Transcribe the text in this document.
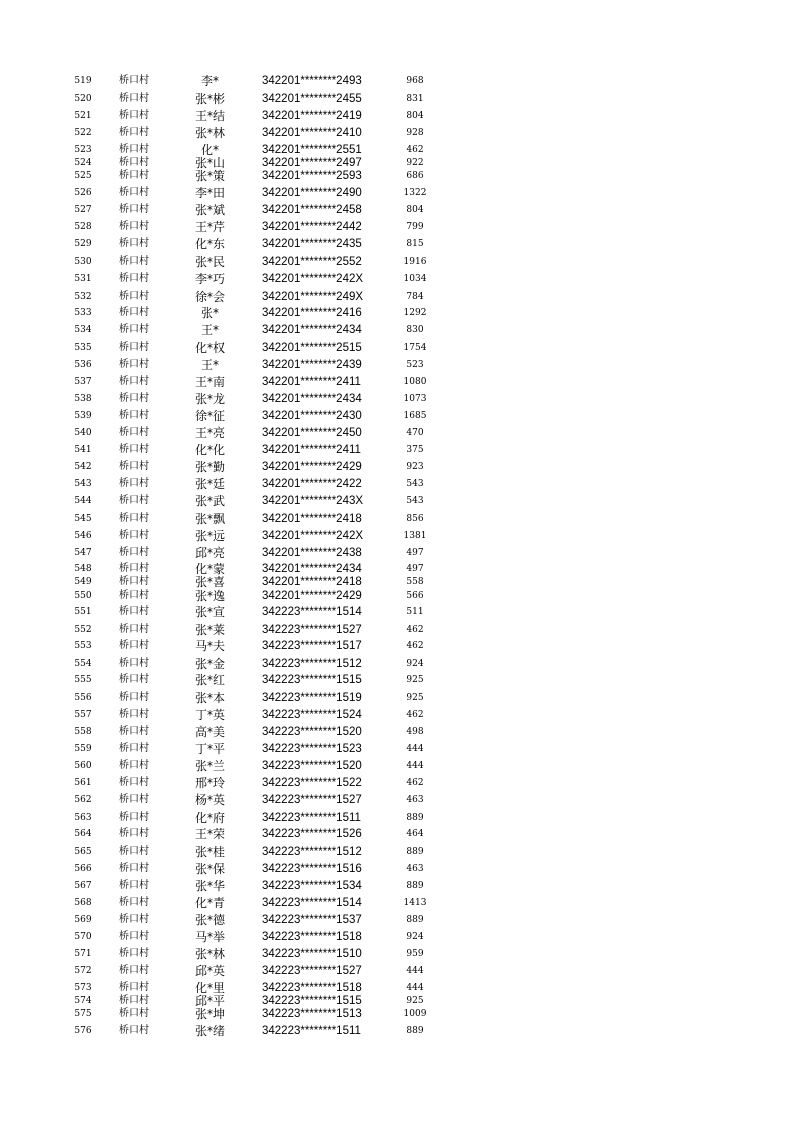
519	桥口村	李*	342201********2493	968
520	桥口村	张*彬	342201********2455	831
521	桥口村	王*结	342201********2419	804
522	桥口村	张*林	342201********2410	928
523	桥口村	化*	342201********2551	462
524	桥口村	张*山	342201********2497	922
525	桥口村	张*策	342201********2593	686
526	桥口村	李*田	342201********2490	1322
527	桥口村	张*斌	342201********2458	804
528	桥口村	王*芹	342201********2442	799
529	桥口村	化*东	342201********2435	815
530	桥口村	张*民	342201********2552	1916
531	桥口村	李*巧	342201********242X	1034
532	桥口村	徐*会	342201********249X	784
533	桥口村	张*	342201********2416	1292
534	桥口村	王*	342201********2434	830
535	桥口村	化*权	342201********2515	1754
536	桥口村	王*	342201********2439	523
537	桥口村	王*南	342201********2411	1080
538	桥口村	张*龙	342201********2434	1073
539	桥口村	徐*征	342201********2430	1685
540	桥口村	王*亮	342201********2450	470
541	桥口村	化*化	342201********2411	375
542	桥口村	张*勤	342201********2429	923
543	桥口村	张*廷	342201********2422	543
544	桥口村	张*武	342201********243X	543
545	桥口村	张*飘	342201********2418	856
546	桥口村	张*远	342201********242X	1381
547	桥口村	邱*亮	342201********2438	497
548	桥口村	化*蒙	342201********2434	497
549	桥口村	张*喜	342201********2418	558
550	桥口村	张*逸	342201********2429	566
551	桥口村	张*宣	342223********1514	511
552	桥口村	张*莱	342223********1527	462
553	桥口村	马*夫	342223********1517	462
554	桥口村	张*金	342223********1512	924
555	桥口村	张*红	342223********1515	925
556	桥口村	张*本	342223********1519	925
557	桥口村	丁*英	342223********1524	462
558	桥口村	高*美	342223********1520	498
559	桥口村	丁*平	342223********1523	444
560	桥口村	张*兰	342223********1520	444
561	桥口村	邢*玲	342223********1522	462
562	桥口村	杨*英	342223********1527	463
563	桥口村	化*府	342223********1511	889
564	桥口村	王*荣	342223********1526	464
565	桥口村	张*桂	342223********1512	889
566	桥口村	张*保	342223********1516	463
567	桥口村	张*华	342223********1534	889
568	桥口村	化*青	342223********1514	1413
569	桥口村	张*德	342223********1537	889
570	桥口村	马*举	342223********1518	924
571	桥口村	张*林	342223********1510	959
572	桥口村	邱*英	342223********1527	444
573	桥口村	化*里	342223********1518	444
574	桥口村	邱*平	342223********1515	925
575	桥口村	张*坤	342223********1513	1009
576	桥口村	张*绪	342223********1511	889
